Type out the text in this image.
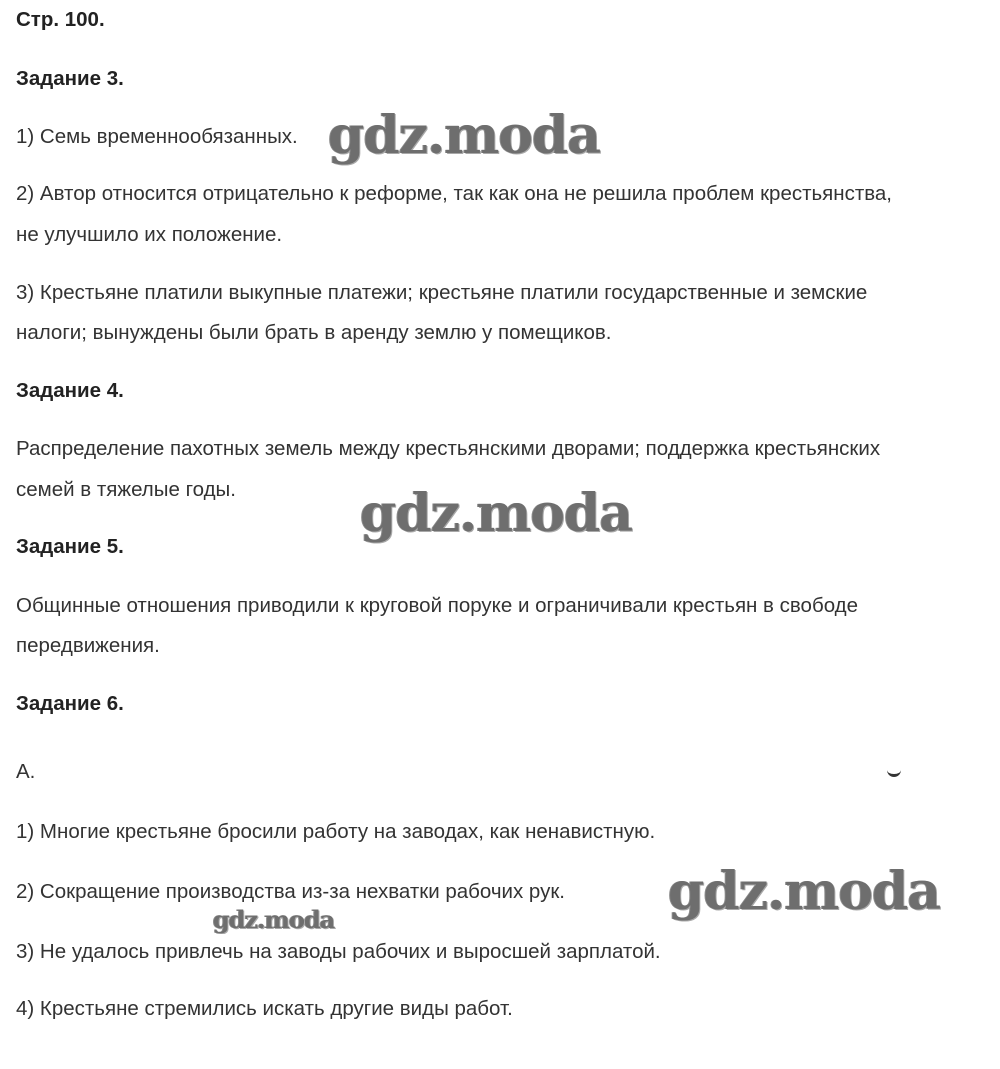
Стр. 100.

Задание 3.

1) Семь временнообязанных.

2) Автор относится отрицательно к реформе, так как она не решила проблем крестьянства,

не улучшило их положение.

3) Крестьяне платили выкупные платежи; крестьяне платили государственные и земские

налоги; вынуждены были брать в аренду землю у помещиков.

Задание 4.

Распределение пахотных земель между крестьянскими дворами; поддержка крестьянских

семей в тяжелые годы.

Задание 5.

Общинные отношения приводили к круговой поруке и ограничивали крестьян в свободе

передвижения.

Задание 6.

А.

1) Многие крестьяне бросили работу на заводах, как ненавистную.

2) Сокращение производства из-за нехватки рабочих рук.

3) Не удалось привлечь на заводы рабочих и выросшей зарплатой.

4) Крестьяне стремились искать другие виды работ.

gdz.moda
gdz.moda
gdz.moda
gdz.moda
